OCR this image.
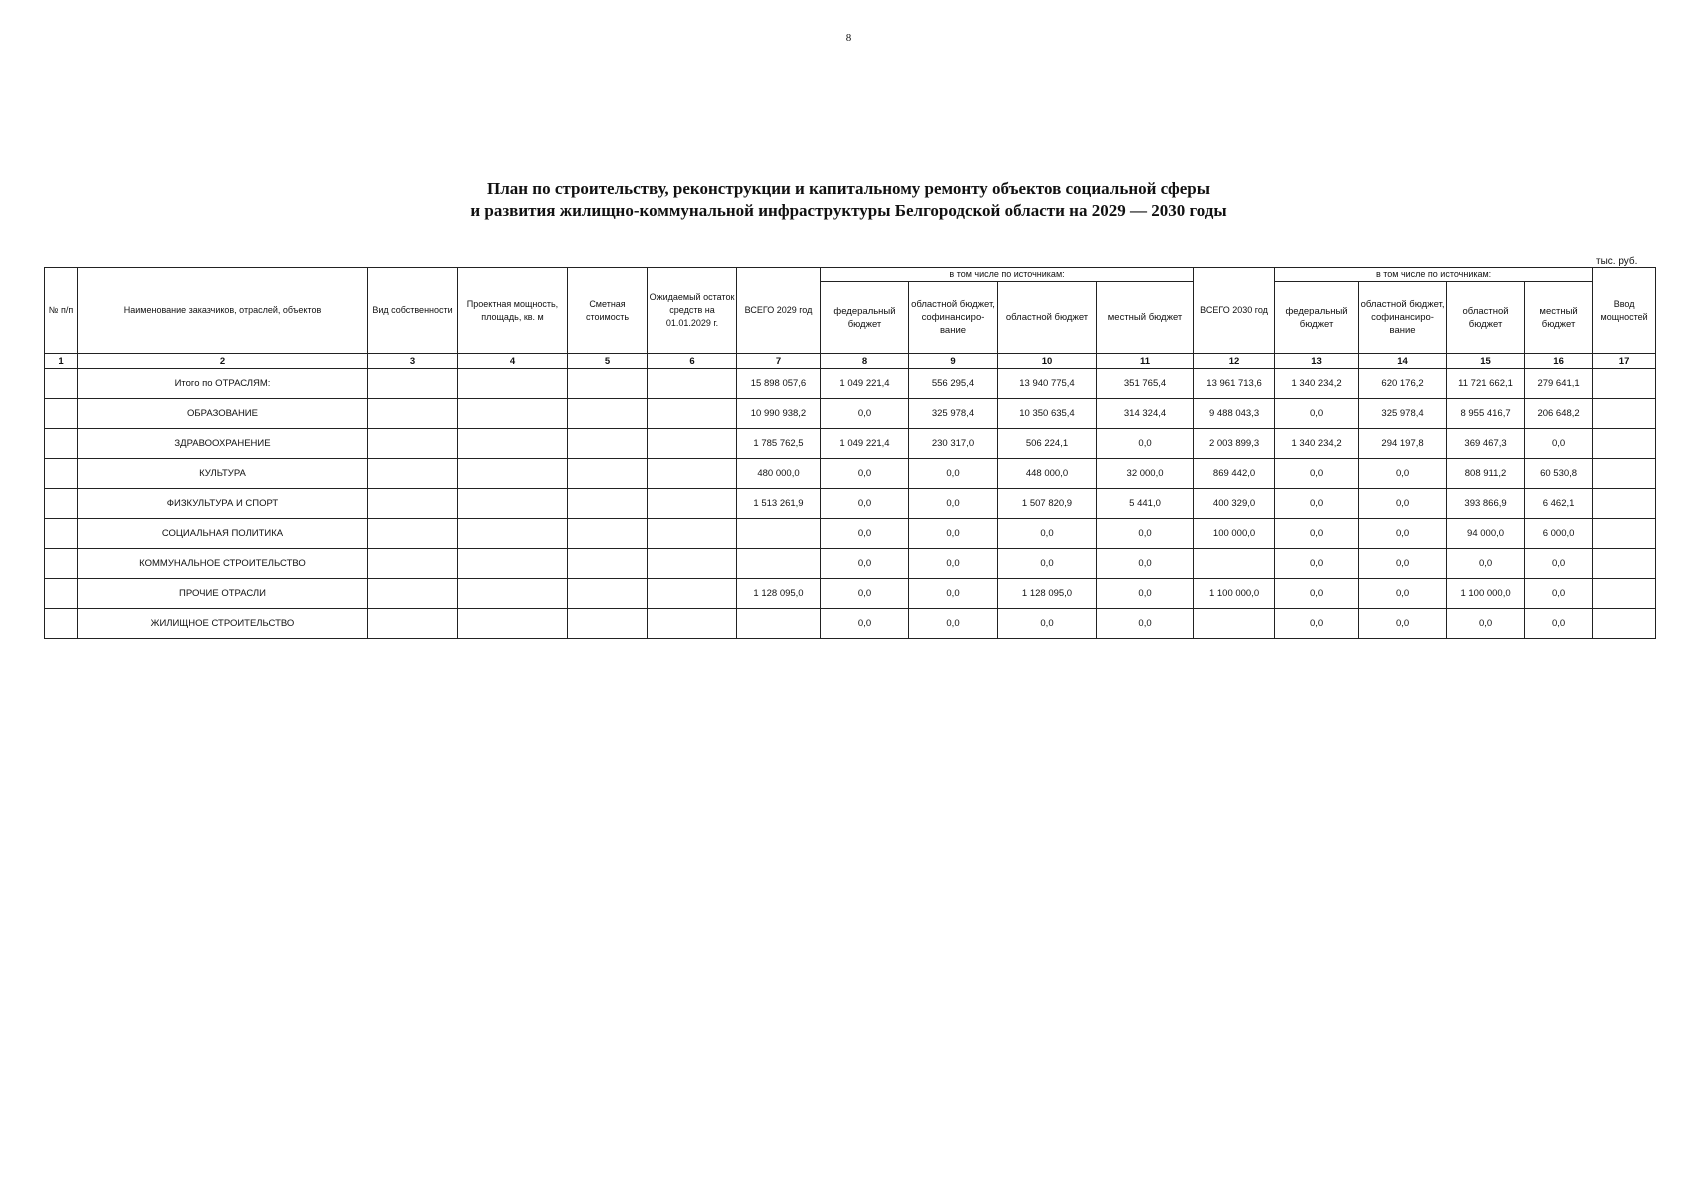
8
План по строительству, реконструкции и капитальному ремонту объектов социальной сферы
и развития жилищно-коммунальной инфраструктуры Белгородской области на 2029 — 2030 годы
тыс. руб.
№ п/п	Наименование заказчиков, отраслей, объектов	Вид собственности	Проектная мощность, площадь, кв. м	Сметная стоимость	Ожидаемый остаток средств на 01.01.2029 г.	ВСЕГО 2029 год	в том числе по источникам:				ВСЕГО 2030 год	в том числе по источникам:				Ввод мощностей
							федеральный бюджет	областной бюджет, софинансиро-вание	областной бюджет	местный бюджет		федеральный бюджет	областной бюджет, софинансиро-вание	областной бюджет	местный бюджет	
1	2	3	4	5	6	7	8	9	10	11	12	13	14	15	16	17
	Итого по ОТРАСЛЯМ:					15 898 057,6	1 049 221,4	556 295,4	13 940 775,4	351 765,4	13 961 713,6	1 340 234,2	620 176,2	11 721 662,1	279 641,1	
	ОБРАЗОВАНИЕ					10 990 938,2	0,0	325 978,4	10 350 635,4	314 324,4	9 488 043,3	0,0	325 978,4	8 955 416,7	206 648,2	
	ЗДРАВООХРАНЕНИЕ					1 785 762,5	1 049 221,4	230 317,0	506 224,1	0,0	2 003 899,3	1 340 234,2	294 197,8	369 467,3	0,0	
	КУЛЬТУРА					480 000,0	0,0	0,0	448 000,0	32 000,0	869 442,0	0,0	0,0	808 911,2	60 530,8	
	ФИЗКУЛЬТУРА И СПОРТ					1 513 261,9	0,0	0,0	1 507 820,9	5 441,0	400 329,0	0,0	0,0	393 866,9	6 462,1	
	СОЦИАЛЬНАЯ ПОЛИТИКА						0,0	0,0	0,0	0,0	100 000,0	0,0	0,0	94 000,0	6 000,0	
	КОММУНАЛЬНОЕ СТРОИТЕЛЬСТВО						0,0	0,0	0,0	0,0		0,0	0,0	0,0	0,0	
	ПРОЧИЕ ОТРАСЛИ					1 128 095,0	0,0	0,0	1 128 095,0	0,0	1 100 000,0	0,0	0,0	1 100 000,0	0,0	
	ЖИЛИЩНОЕ СТРОИТЕЛЬСТВО						0,0	0,0	0,0	0,0		0,0	0,0	0,0	0,0	
